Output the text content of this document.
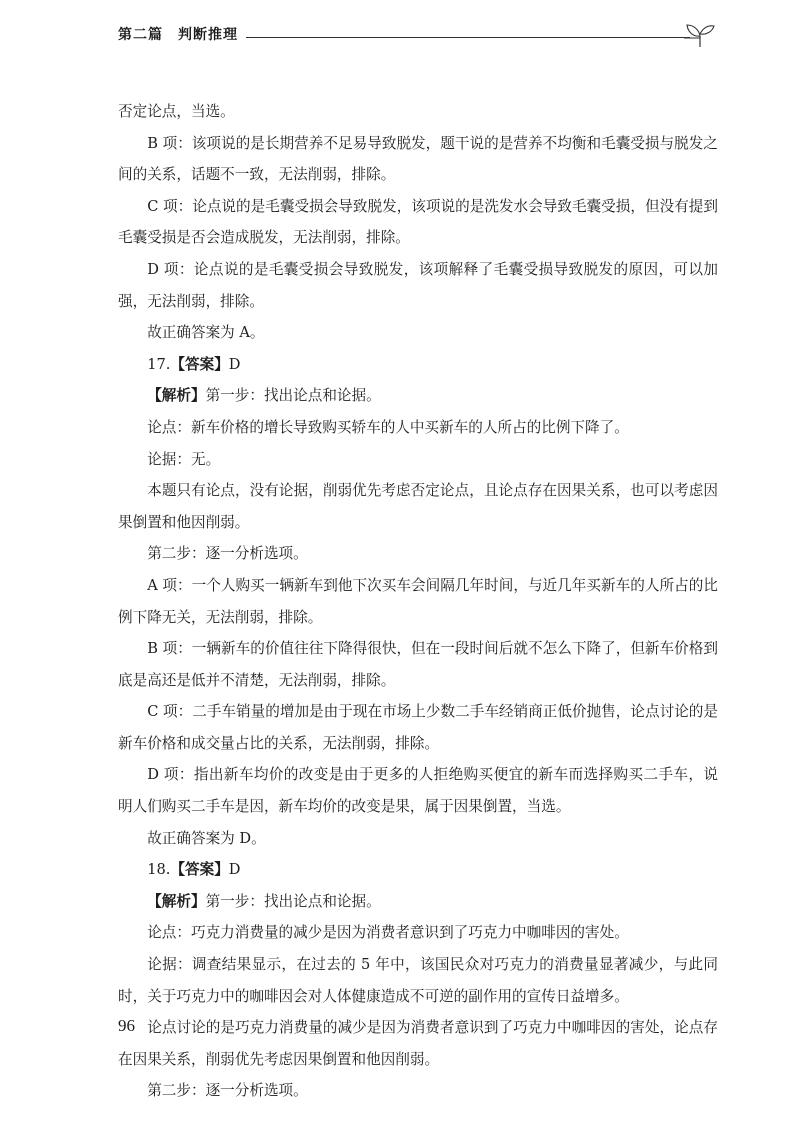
第二篇　判断推理

否定论点，当选。

B 项：该项说的是长期营养不足易导致脱发，题干说的是营养不均衡和毛囊受损与脱发之间的关系，话题不一致，无法削弱，排除。

C 项：论点说的是毛囊受损会导致脱发，该项说的是洗发水会导致毛囊受损，但没有提到毛囊受损是否会造成脱发，无法削弱，排除。

D 项：论点说的是毛囊受损会导致脱发，该项解释了毛囊受损导致脱发的原因，可以加强，无法削弱，排除。

故正确答案为 A。

17.【答案】D

【解析】第一步：找出论点和论据。

论点：新车价格的增长导致购买轿车的人中买新车的人所占的比例下降了。

论据：无。

本题只有论点，没有论据，削弱优先考虑否定论点，且论点存在因果关系，也可以考虑因果倒置和他因削弱。

第二步：逐一分析选项。

A 项：一个人购买一辆新车到他下次买车会间隔几年时间，与近几年买新车的人所占的比例下降无关，无法削弱，排除。

B 项：一辆新车的价值往往下降得很快，但在一段时间后就不怎么下降了，但新车价格到底是高还是低并不清楚，无法削弱，排除。

C 项：二手车销量的增加是由于现在市场上少数二手车经销商正低价抛售，论点讨论的是新车价格和成交量占比的关系，无法削弱，排除。

D 项：指出新车均价的改变是由于更多的人拒绝购买便宜的新车而选择购买二手车，说明人们购买二手车是因，新车均价的改变是果，属于因果倒置，当选。

故正确答案为 D。

18.【答案】D

【解析】第一步：找出论点和论据。

论点：巧克力消费量的减少是因为消费者意识到了巧克力中咖啡因的害处。

论据：调查结果显示，在过去的 5 年中，该国民众对巧克力的消费量显著减少，与此同时，关于巧克力中的咖啡因会对人体健康造成不可逆的副作用的宣传日益增多。

论点讨论的是巧克力消费量的减少是因为消费者意识到了巧克力中咖啡因的害处，论点存在因果关系，削弱优先考虑因果倒置和他因削弱。

第二步：逐一分析选项。

96
